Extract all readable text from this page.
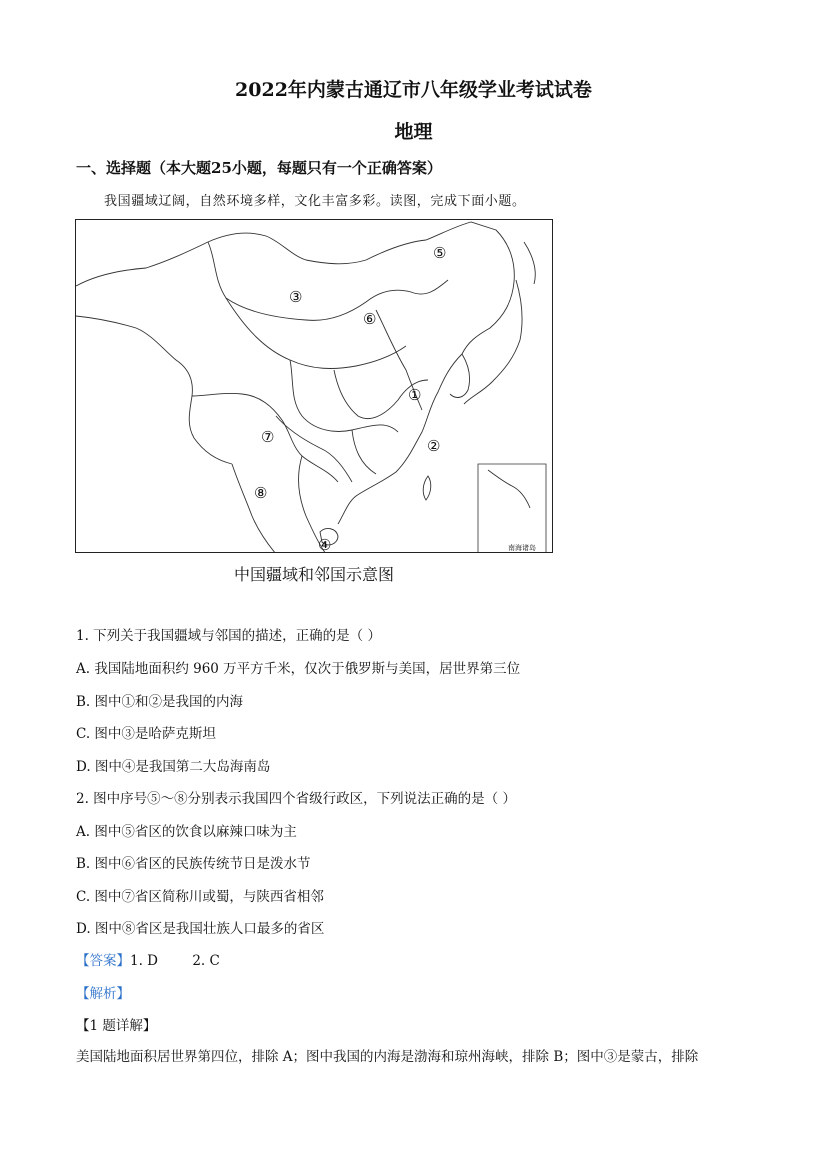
2022年内蒙古通辽市八年级学业考试试卷
地理
一、选择题（本大题25小题，每题只有一个正确答案）
我国疆域辽阔，自然环境多样，文化丰富多彩。读图，完成下面小题。
①
②
③
④
⑤
⑥
⑦
⑧
南海诸岛
中国疆域和邻国示意图
1. 下列关于我国疆域与邻国的描述，正确的是（ ）
A. 我国陆地面积约 960 万平方千米，仅次于俄罗斯与美国，居世界第三位
B. 图中①和②是我国的内海
C. 图中③是哈萨克斯坦
D. 图中④是我国第二大岛海南岛
2. 图中序号⑤～⑧分别表示我国四个省级行政区，下列说法正确的是（ ）
A. 图中⑤省区的饮食以麻辣口味为主
B. 图中⑥省区的民族传统节日是泼水节
C. 图中⑦省区简称川或蜀，与陕西省相邻
D. 图中⑧省区是我国壮族人口最多的省区
【答案】1. D        2. C
【解析】
【1 题详解】
美国陆地面积居世界第四位，排除 A；图中我国的内海是渤海和琼州海峡，排除 B；图中③是蒙古，排除
